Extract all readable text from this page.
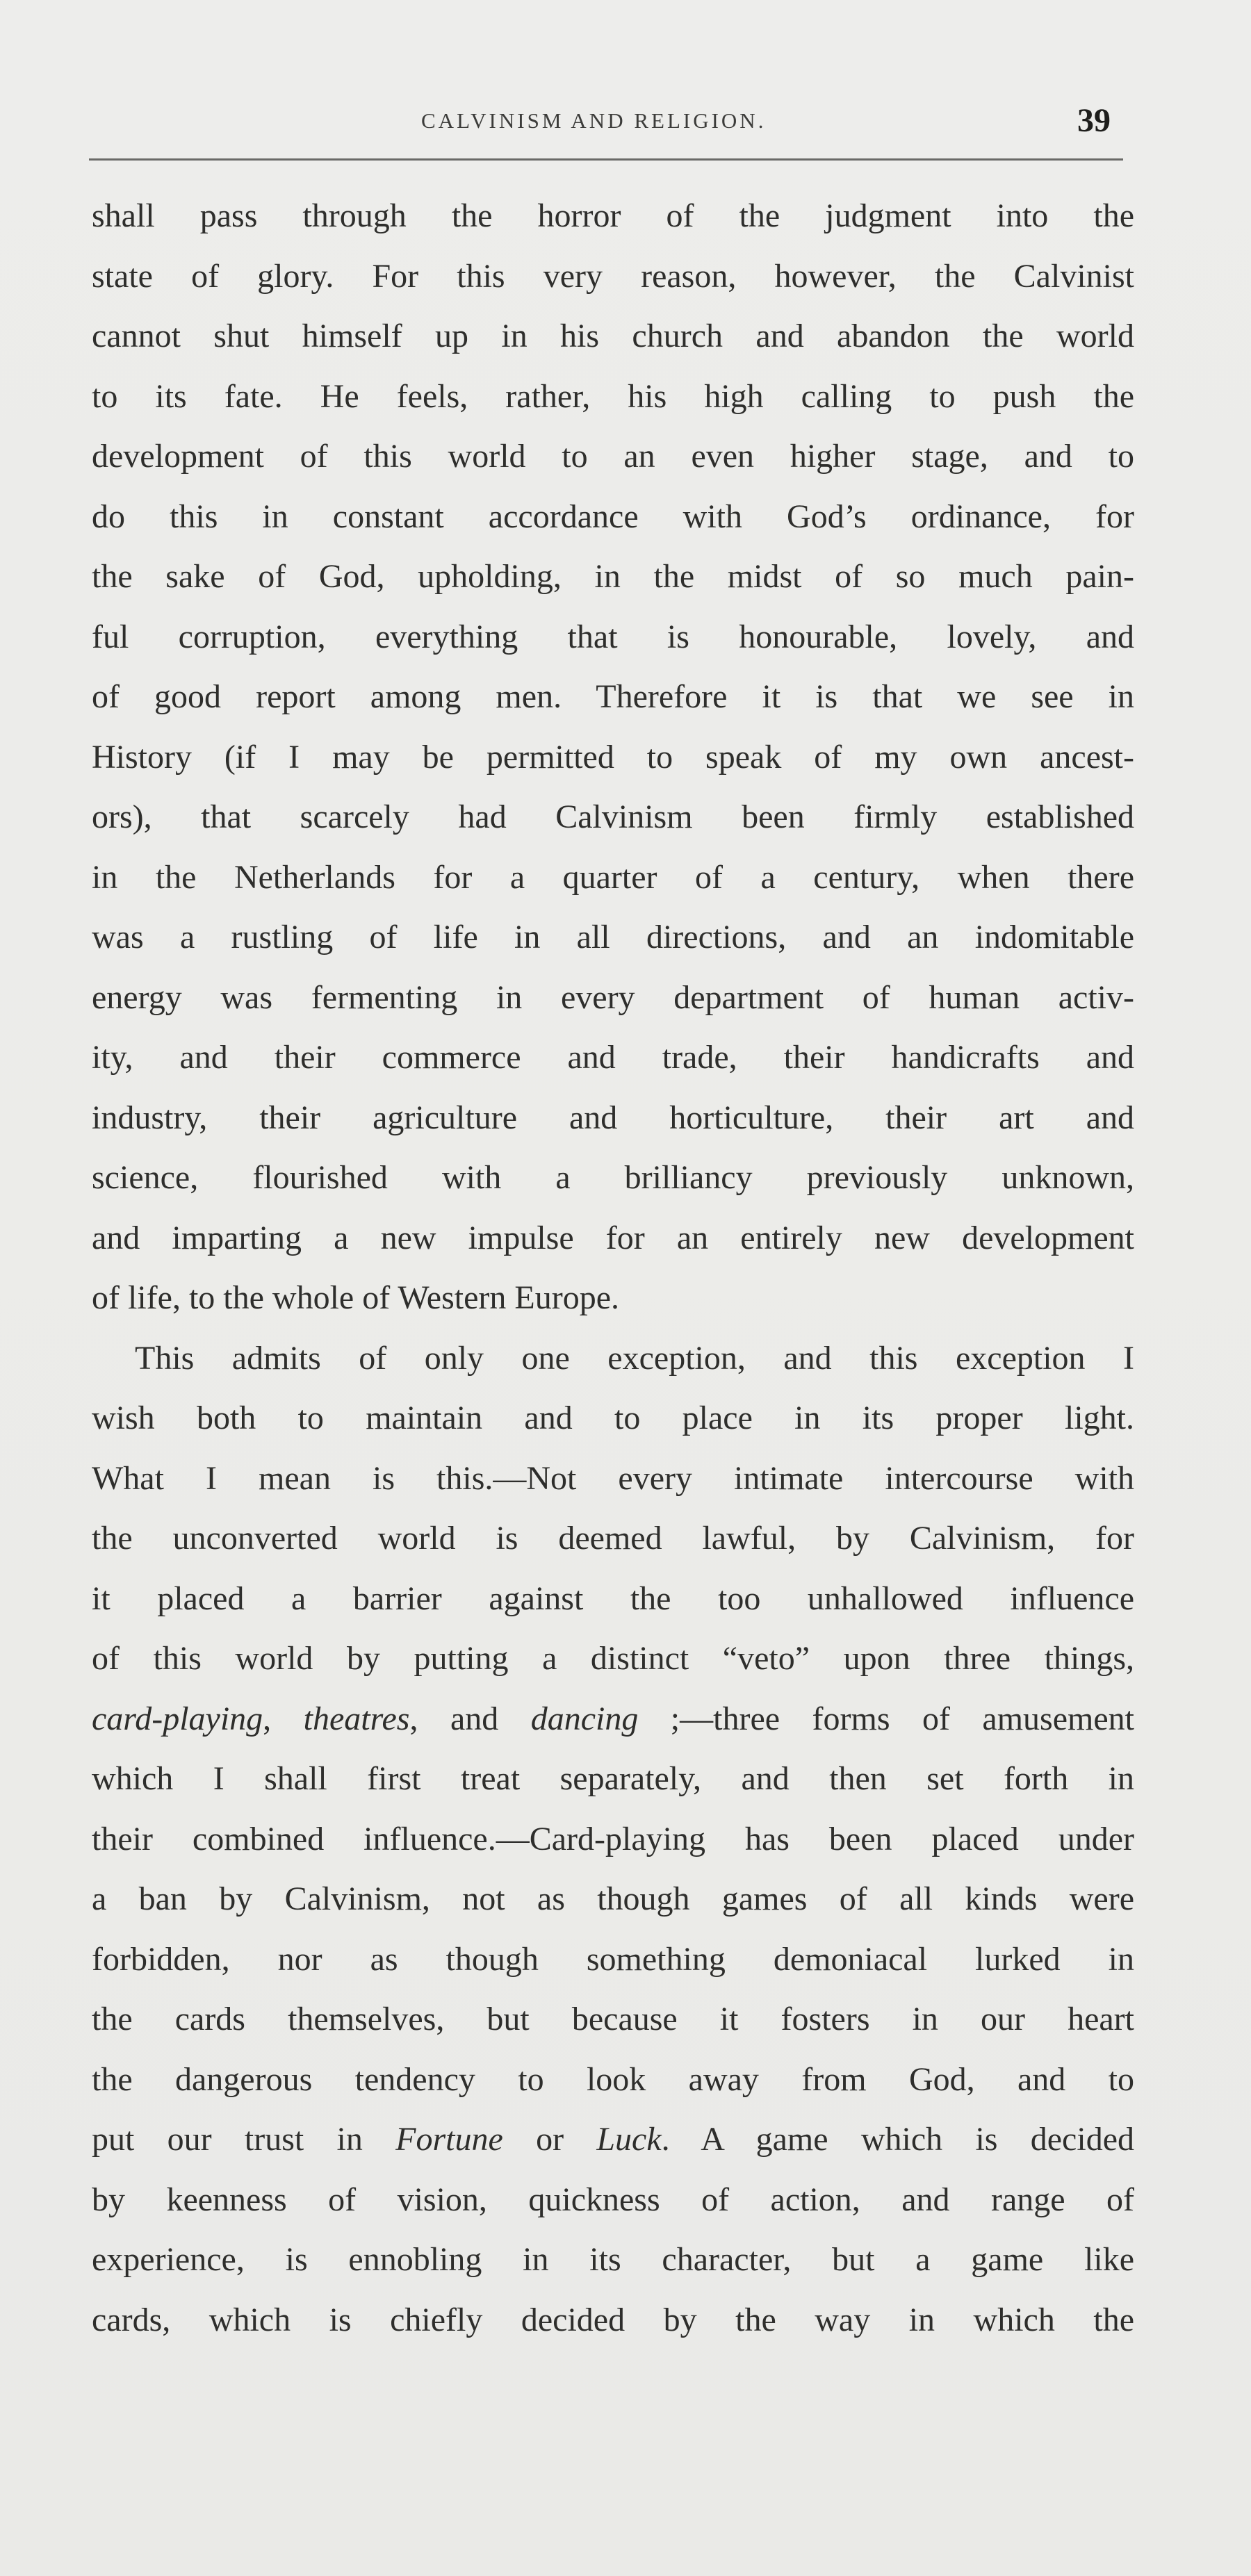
CALVINISM AND RELIGION.	39
shall pass through the horror of the judgment into the
state of glory. For this very reason, however, the Calvinist
cannot shut himself up in his church and abandon the world
to its fate. He feels, rather, his high calling to push the
development of this world to an even higher stage, and to
do this in constant accordance with God’s ordinance, for
the sake of God, upholding, in the midst of so much pain-
ful corruption, everything that is honourable, lovely, and
of good report among men. Therefore it is that we see in
History (if I may be permitted to speak of my own ancest-
ors), that scarcely had Calvinism been firmly established
in the Netherlands for a quarter of a century, when there
was a rustling of life in all directions, and an indomitable
energy was fermenting in every department of human activ-
ity, and their commerce and trade, their handicrafts and
industry, their agriculture and horticulture, their art and
science, flourished with a brilliancy previously unknown,
and imparting a new impulse for an entirely new development
of life, to the whole of Western Europe.
This admits of only one exception, and this exception I
wish both to maintain and to place in its proper light.
What I mean is this.—Not every intimate intercourse with
the unconverted world is deemed lawful, by Calvinism, for
it placed a barrier against the too unhallowed influence
of this world by putting a distinct “veto” upon three things,
card-playing, theatres, and dancing ;—three forms of amusement
which I shall first treat separately, and then set forth in
their combined influence.—Card-playing has been placed under
a ban by Calvinism, not as though games of all kinds were
forbidden, nor as though something demoniacal lurked in
the cards themselves, but because it fosters in our heart
the dangerous tendency to look away from God, and to
put our trust in Fortune or Luck. A game which is decided
by keenness of vision, quickness of action, and range of
experience, is ennobling in its character, but a game like
cards, which is chiefly decided by the way in which the
